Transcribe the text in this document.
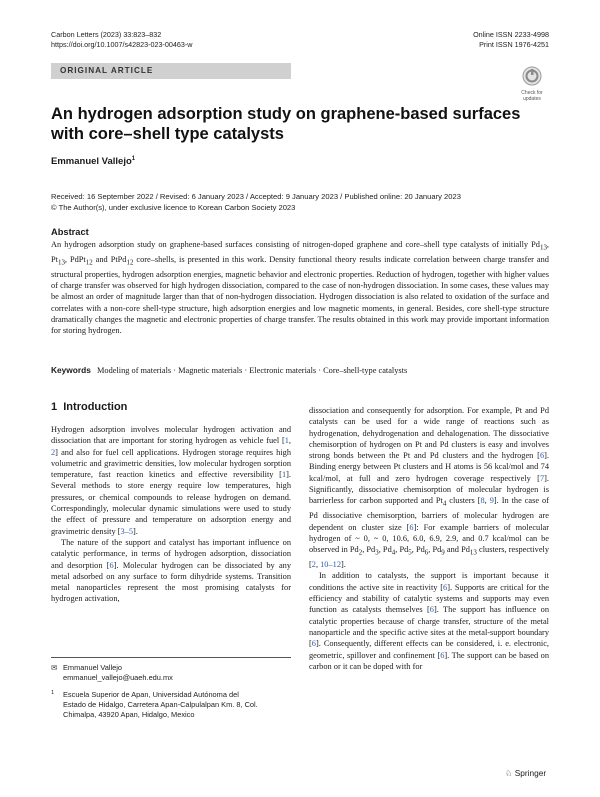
Carbon Letters (2023) 33:823–832
https://doi.org/10.1007/s42823-023-00463-w
Online ISSN 2233-4998
Print ISSN 1976-4251
ORIGINAL ARTICLE
Check for
updates
An hydrogen adsorption study on graphene-based surfaces
with core–shell type catalysts
Emmanuel Vallejo$^1$
Received: 16 September 2022 / Revised: 6 January 2023 / Accepted: 9 January 2023 / Published online: 20 January 2023
© The Author(s), under exclusive licence to Korean Carbon Society 2023
Abstract
An hydrogen adsorption study on graphene-based surfaces consisting of nitrogen-doped graphene and core–shell type catalysts of initially $Pd_{13}$, $Pt_{13}$, PdPt$_{12}$ and PtPd$_{12}$ core–shells, is presented in this work. Density functional theory results indicate correlation between charge transfer and structural properties, hydrogen adsorption energies, magnetic behavior and electronic properties. Reduction of hydrogen, together with higher values of charge transfer was observed for high hydrogen dissociation, compared to the case of non-hydrogen dissociation. In some cases, these values may be almost an order of magnitude larger than that of non-hydrogen dissociation. Hydrogen dissociation is also related to oxidation of the surface and correlates with a non-core shell-type structure, high adsorption energies and low magnetic moments, in general. Besides, core shell-type structure dramatically changes the magnetic and electronic properties of charge transfer. The results obtained in this work may provide important information for storing hydrogen.
Keywords Modeling of materials · Magnetic materials · Electronic materials · Core–shell-type catalysts
1 Introduction

Hydrogen adsorption involves molecular hydrogen activation and dissociation that are important for storing hydrogen as vehicle fuel [1, 2] and also for fuel cell applications. Hydrogen storage requires high volumetric and gravimetric densities, low molecular hydrogen sorption temperature, fast reaction kinetics and effective reversibility [1]. Several methods to store energy require low temperatures, high pressures, or chemical compounds to release hydrogen on demand. Correspondingly, molecular dynamic simulations were used to study the effect of pressure and temperature on adsorption energy and gravimetric density [3–5].

The nature of the support and catalyst has important influence on catalytic performance, in terms of hydrogen adsorption, dissociation and desorption [6]. Molecular hydrogen can be dissociated by any metal adsorbed on any surface to form dihydride systems. Transition metal nanoparticles represent the most promising catalysts for hydrogen activation,

dissociation and consequently for adsorption. For example, Pt and Pd catalysts can be used for a wide range of reactions such as hydrogenation, dehydrogenation and dehalogenation. The dissociative chemisorption of hydrogen on Pt and Pd clusters is easy and involves strong bonds between the Pt and Pd clusters and the hydrogen [6]. Binding energy between Pt clusters and H atoms is 56 kcal/mol and 74 kcal/mol, at full and zero hydrogen coverage respectively [7]. Significantly, dissociative chemisorption of molecular hydrogen is barrierless for carbon supported and $Pt_4$ clusters [8, 9]. In the case of Pd dissociative chemisorption, barriers of molecular hydrogen are dependent on cluster size [6]: For example barriers of molecular hydrogen of ~ 0, ~ 0, 10.6, 6.0, 6.9, 2.9, and 0.7 kcal/mol can be observed in $Pd_2$, $Pd_3$, $Pd_4$, $Pd_5$, $Pd_6$, $Pd_9$ and $Pd_{13}$ clusters, respectively [2, 10–12].

In addition to catalysts, the support is important because it conditions the active site in reactivity [6]. Supports are critical for the efficiency and stability of catalytic systems and supports may even function as catalysts themselves [6]. The support has influence on catalytic properties because of charge transfer, structure of the metal nanoparticle and the specific active sites at the metal-support boundary [6]. Consequently, different effects can be considered, i. e. electronic, geometric, spillover and confinement [6]. The support can be based on carbon or it can be doped with for

✉ Emmanuel Vallejo
emmanuel_vallejo@uaeh.edu.mx
1 Escuela Superior de Apan, Universidad Autónoma del
Estado de Hidalgo, Carretera Apan-Calpulalpan Km. 8, Col.
Chimalpa, 43920 Apan, Hidalgo, Mexico
♘ Springer
